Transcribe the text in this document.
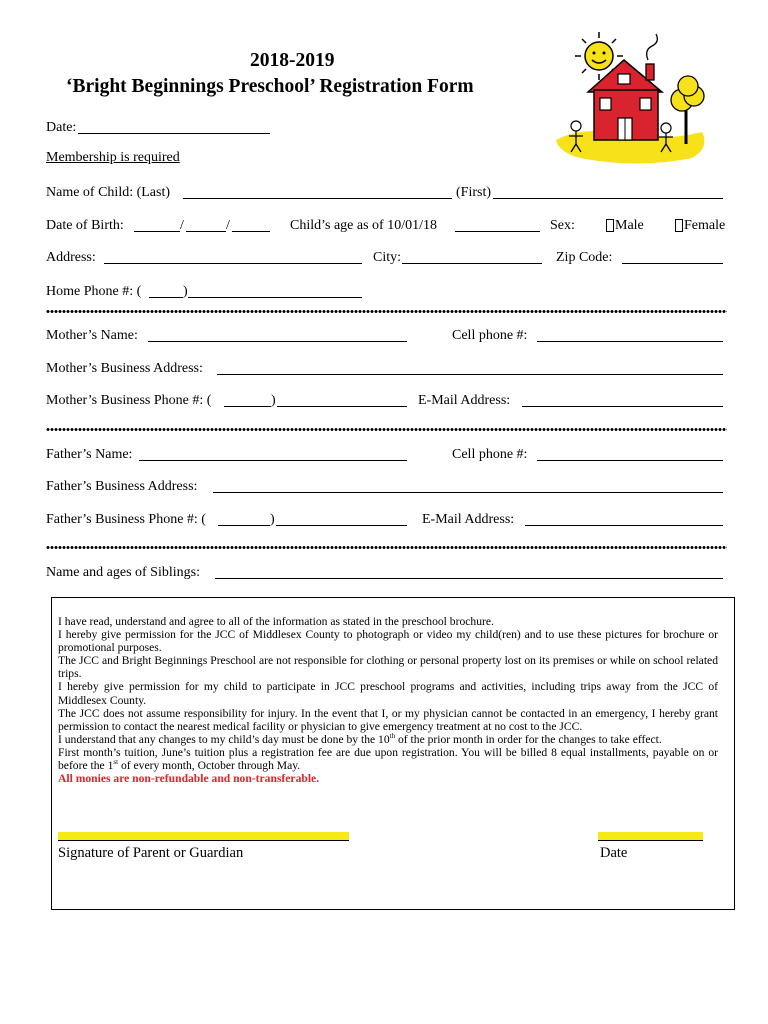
2018-2019
‘Bright Beginnings Preschool’ Registration Form
Date:
Membership is required
Name of Child: (Last)	(First)
Date of Birth:	/	/	Child’s age as of 10/01/18	Sex:	Male	Female
Address:	City:	Zip Code:
Home Phone #: (	)
Mother’s Name:	Cell phone #:
Mother’s Business Address:
Mother’s Business Phone #: (	)	E-Mail Address:
Father’s Name:	Cell phone #:
Father’s Business Address:
Father’s Business Phone #: (	)	E-Mail Address:
Name and ages of Siblings:

I have read, understand and agree to all of the information as stated in the preschool brochure.

I hereby give permission for the JCC of Middlesex County to photograph or video my child(ren) and to use these pictures for brochure or promotional purposes.

The JCC and Bright Beginnings Preschool are not responsible for clothing or personal property lost on its premises or while on school related trips.

I hereby give permission for my child to participate in JCC preschool programs and activities, including trips away from the JCC of Middlesex County.

The JCC does not assume responsibility for injury. In the event that I, or my physician cannot be contacted in an emergency, I hereby grant permission to contact the nearest medical facility or physician to give emergency treatment at no cost to the JCC.

I understand that any changes to my child’s day must be done by the 10th of the prior month in order for the changes to take effect.

First month’s tuition, June’s tuition plus a registration fee are due upon registration. You will be billed 8 equal installments, payable on or before the 1st of every month, October through May.

All monies are non-refundable and non-transferable.

Signature of Parent or Guardian	Date
